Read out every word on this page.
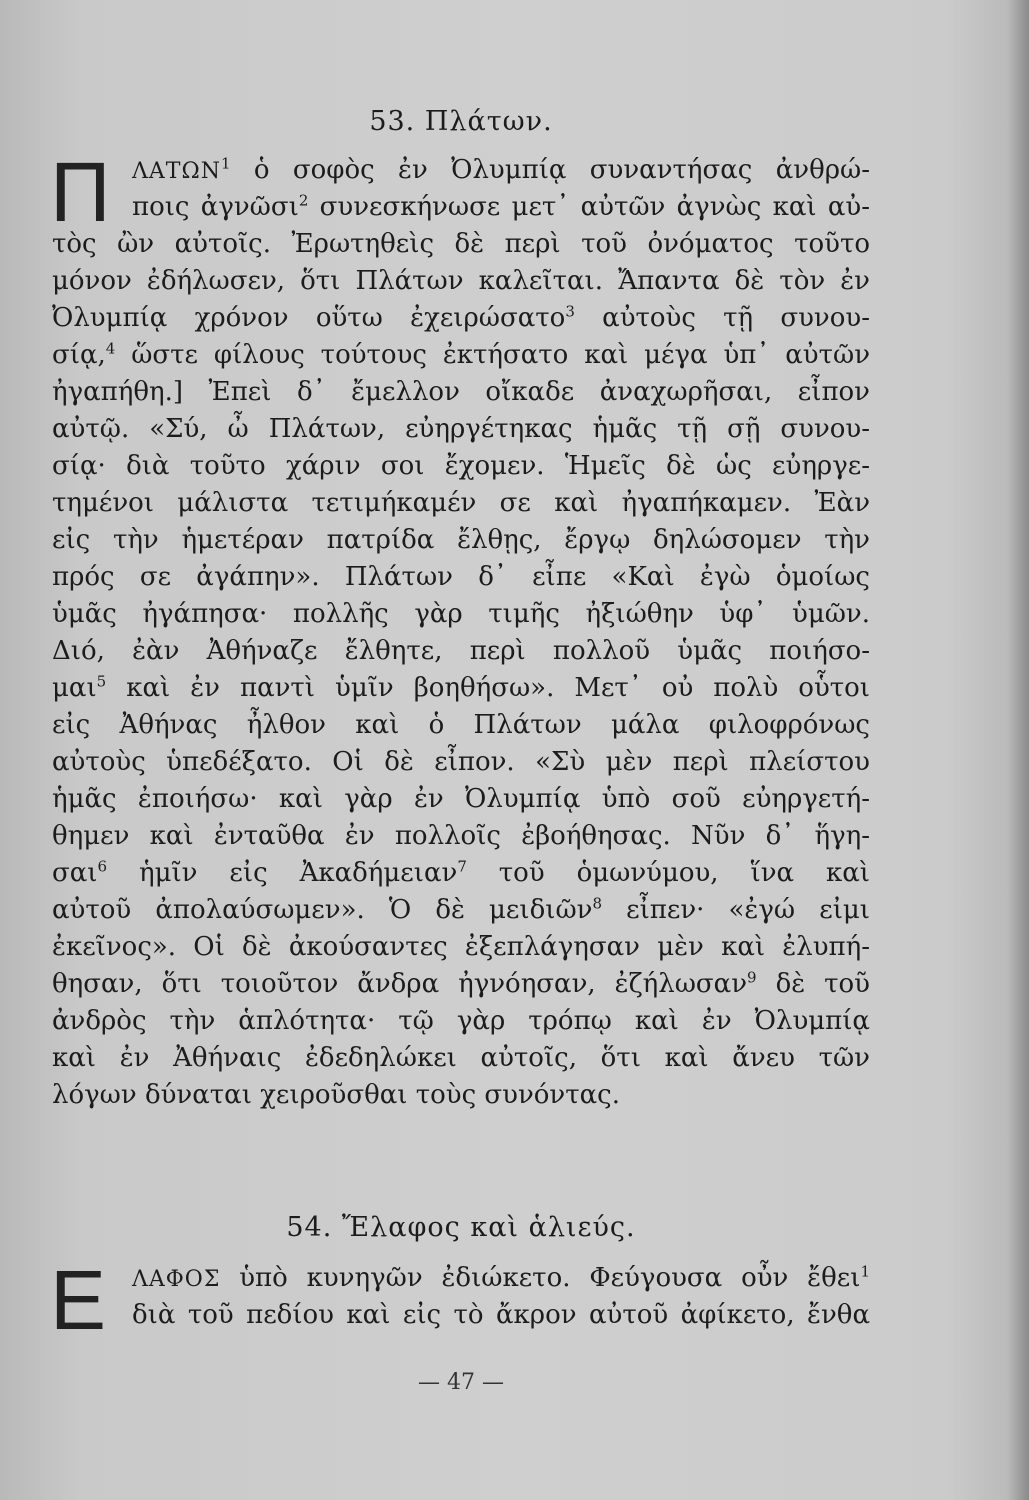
53. Πλάτων.
Π ΛΑΤΩΝ$^1$ ὁ σοφὸς ἐν Ὀλυμπίᾳ συναντήσας ἀνθρώ-
ποις ἀγνῶσι$^2$ συνεσκήνωσε μετ᾽ αὐτῶν ἀγνὼς καὶ αὐ-
τὸς ὢν αὐτοῖς. Ἐρωτηθεὶς δὲ περὶ τοῦ ὀνόματος τοῦτο
μόνον ἐδήλωσεν, ὅτι Πλάτων καλεῖται. Ἄπαντα δὲ τὸν ἐν
Ὀλυμπίᾳ χρόνον οὕτω ἐχειρώσατο$^3$ αὐτοὺς τῇ συνου-
σίᾳ,$^4$ ὥστε φίλους τούτους ἐκτήσατο καὶ μέγα ὑπ᾽ αὐτῶν
ἠγαπήθη.] Ἐπεὶ δ᾽ ἔμελλον οἴκαδε ἀναχωρῆσαι, εἶπον
αὐτῷ. «Σύ, ὦ Πλάτων, εὐηργέτηκας ἡμᾶς τῇ σῇ συνου-
σίᾳ· διὰ τοῦτο χάριν σοι ἔχομεν. Ἡμεῖς δὲ ὡς εὐηργε-
τημένοι μάλιστα τετιμήκαμέν σε καὶ ἠγαπήκαμεν. Ἐὰν
εἰς τὴν ἡμετέραν πατρίδα ἔλθῃς, ἔργῳ δηλώσομεν τὴν
πρός σε ἀγάπην». Πλάτων δ᾽ εἶπε «Καὶ ἐγὼ ὁμοίως
ὑμᾶς ἠγάπησα· πολλῆς γὰρ τιμῆς ἠξιώθην ὑφ᾽ ὑμῶν.
Διό, ἐὰν Ἀθήναζε ἔλθητε, περὶ πολλοῦ ὑμᾶς ποιήσο-
μαι$^5$ καὶ ἐν παντὶ ὑμῖν βοηθήσω». Μετ᾽ οὐ πολὺ οὗτοι
εἰς Ἀθήνας ἦλθον καὶ ὁ Πλάτων μάλα φιλοφρόνως
αὐτοὺς ὑπεδέξατο. Οἱ δὲ εἶπον. «Σὺ μὲν περὶ πλείστου
ἡμᾶς ἐποιήσω· καὶ γὰρ ἐν Ὀλυμπίᾳ ὑπὸ σοῦ εὐηργετή-
θημεν καὶ ἐνταῦθα ἐν πολλοῖς ἐβοήθησας. Νῦν δ᾽ ἥγη-
σαι$^6$ ἡμῖν εἰς Ἀκαδήμειαν$^7$ τοῦ ὁμωνύμου, ἵνα καὶ
αὐτοῦ ἀπολαύσωμεν». Ὁ δὲ μειδιῶν$^8$ εἶπεν· «ἐγώ εἰμι
ἐκεῖνος». Οἱ δὲ ἀκούσαντες ἐξεπλάγησαν μὲν καὶ ἐλυπή-
θησαν, ὅτι τοιοῦτον ἄνδρα ἠγνόησαν, ἐζήλωσαν$^9$ δὲ τοῦ
ἀνδρὸς τὴν ἁπλότητα· τῷ γὰρ τρόπῳ καὶ ἐν Ὀλυμπίᾳ
καὶ ἐν Ἀθήναις ἐδεδηλώκει αὐτοῖς, ὅτι καὶ ἄνευ τῶν
λόγων δύναται χειροῦσθαι τοὺς συνόντας.
54. Ἔλαφος καὶ ἁλιεύς.
Ε ΛΑΦΟΣ ὑπὸ κυνηγῶν ἐδιώκετο. Φεύγουσα οὖν ἔθει$^1$
διὰ τοῦ πεδίου καὶ εἰς τὸ ἄκρον αὐτοῦ ἀφίκετο, ἔνθα
— 47 —
